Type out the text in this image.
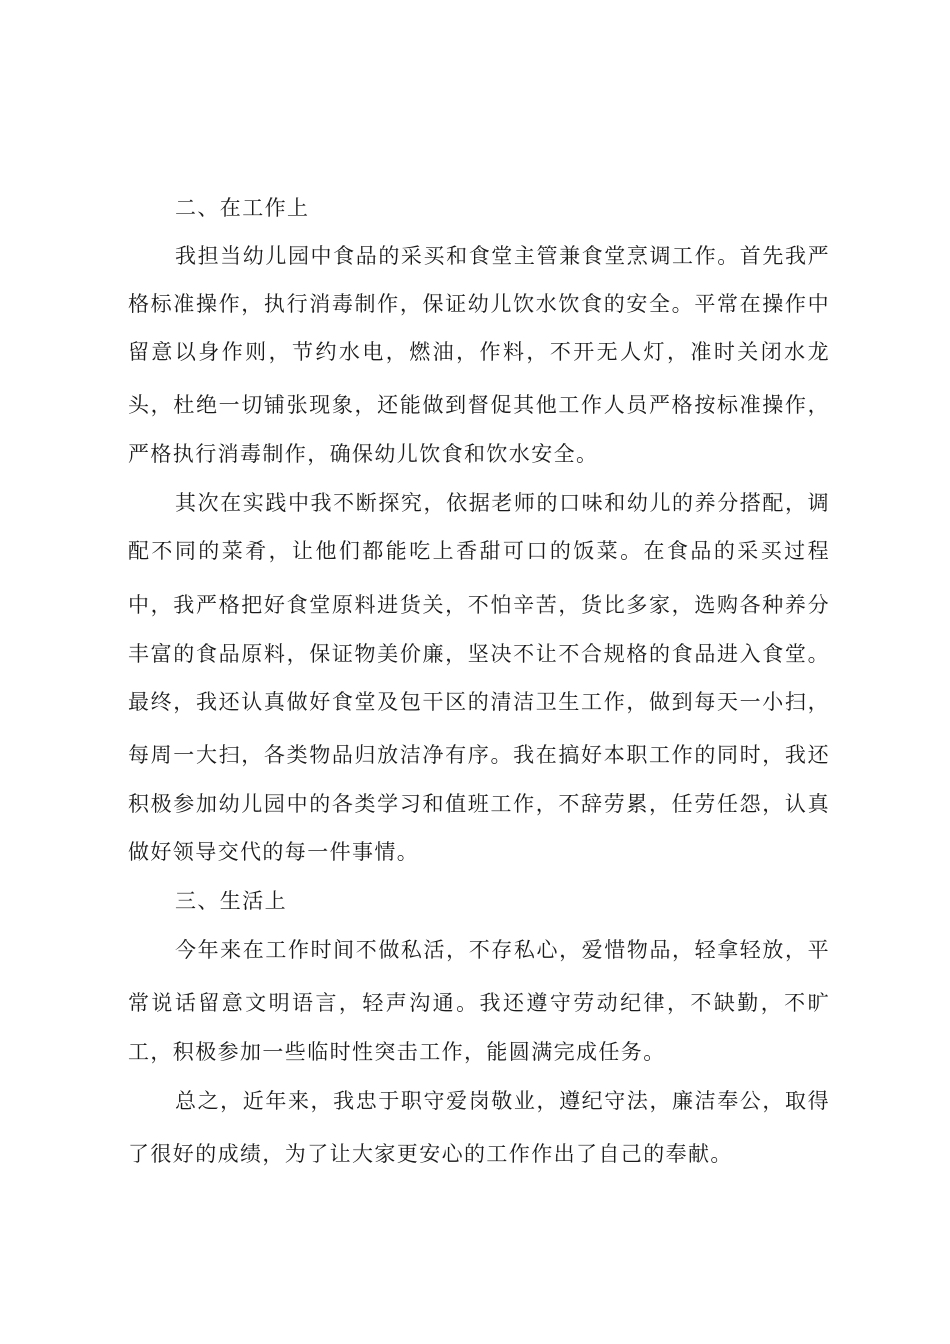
二、在工作上
我担当幼儿园中食品的采买和食堂主管兼食堂烹调工作。首先我严
格标准操作，执行消毒制作，保证幼儿饮水饮食的安全。平常在操作中
留意以身作则，节约水电，燃油，作料，不开无人灯，准时关闭水龙
头，杜绝一切铺张现象，还能做到督促其他工作人员严格按标准操作，
严格执行消毒制作，确保幼儿饮食和饮水安全。
其次在实践中我不断探究，依据老师的口味和幼儿的养分搭配，调
配不同的菜肴，让他们都能吃上香甜可口的饭菜。在食品的采买过程
中，我严格把好食堂原料进货关，不怕辛苦，货比多家，选购各种养分
丰富的食品原料，保证物美价廉，坚决不让不合规格的食品进入食堂。
最终，我还认真做好食堂及包干区的清洁卫生工作，做到每天一小扫，
每周一大扫，各类物品归放洁净有序。我在搞好本职工作的同时，我还
积极参加幼儿园中的各类学习和值班工作，不辞劳累，任劳任怨，认真
做好领导交代的每一件事情。
三、生活上
今年来在工作时间不做私活，不存私心，爱惜物品，轻拿轻放，平
常说话留意文明语言，轻声沟通。我还遵守劳动纪律，不缺勤，不旷
工，积极参加一些临时性突击工作，能圆满完成任务。
总之，近年来，我忠于职守爱岗敬业，遵纪守法，廉洁奉公，取得
了很好的成绩，为了让大家更安心的工作作出了自己的奉献。
